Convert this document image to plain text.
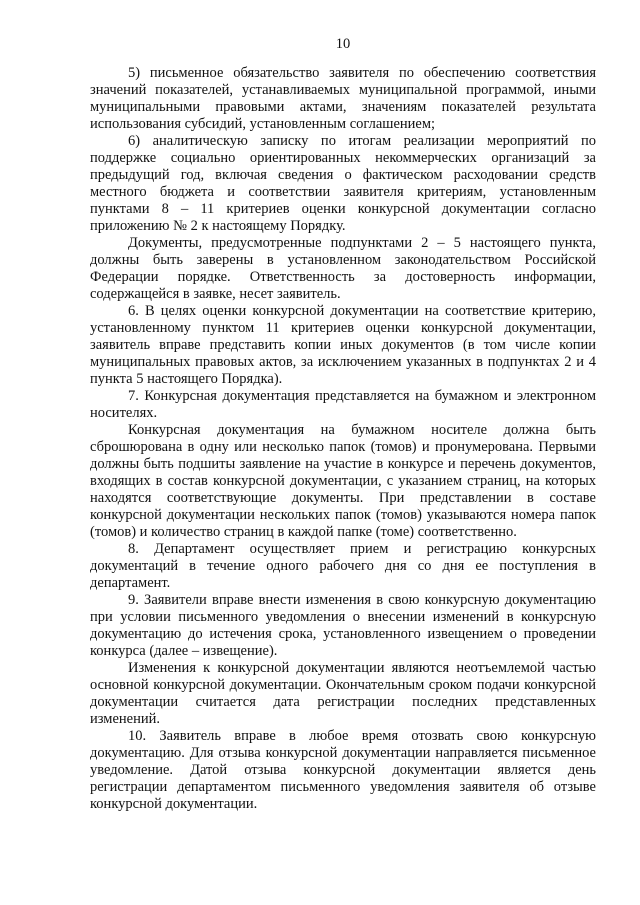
10

5) письменное обязательство заявителя по обеспечению соответствия значений показателей, устанавливаемых муниципальной программой, иными муниципальными правовыми актами, значениям показателей результата использования субсидий, установленным соглашением;

6) аналитическую записку по итогам реализации мероприятий по поддержке социально ориентированных некоммерческих организаций за предыдущий год, включая сведения о фактическом расходовании средств местного бюджета и соответствии заявителя критериям, установленным пунктами 8 – 11 критериев оценки конкурсной документации согласно приложению № 2 к настоящему Порядку.

Документы, предусмотренные подпунктами 2 – 5 настоящего пункта, должны быть заверены в установленном законодательством Российской Федерации порядке. Ответственность за достоверность информации, содержащейся в заявке, несет заявитель.

6. В целях оценки конкурсной документации на соответствие критерию, установленному пунктом 11 критериев оценки конкурсной документации, заявитель вправе представить копии иных документов (в том числе копии муниципальных правовых актов, за исключением указанных в подпунктах 2 и 4 пункта 5 настоящего Порядка).

7. Конкурсная документация представляется на бумажном и электронном носителях.

Конкурсная документация на бумажном носителе должна быть сброшюрована в одну или несколько папок (томов) и пронумерована. Первыми должны быть подшиты заявление на участие в конкурсе и перечень документов, входящих в состав конкурсной документации, с указанием страниц, на которых находятся соответствующие документы. При представлении в составе конкурсной документации нескольких папок (томов) указываются номера папок (томов) и количество страниц в каждой папке (томе) соответственно.

8. Департамент осуществляет прием и регистрацию конкурсных документаций в течение одного рабочего дня со дня ее поступления в департамент.

9. Заявители вправе внести изменения в свою конкурсную документацию при условии письменного уведомления о внесении изменений в конкурсную документацию до истечения срока, установленного извещением о проведении конкурса (далее – извещение).

Изменения к конкурсной документации являются неотъемлемой частью основной конкурсной документации. Окончательным сроком подачи конкурсной документации считается дата регистрации последних представленных изменений.

10. Заявитель вправе в любое время отозвать свою конкурсную документацию. Для отзыва конкурсной документации направляется письменное уведомление. Датой отзыва конкурсной документации является день регистрации департаментом письменного уведомления заявителя об отзыве конкурсной документации.
